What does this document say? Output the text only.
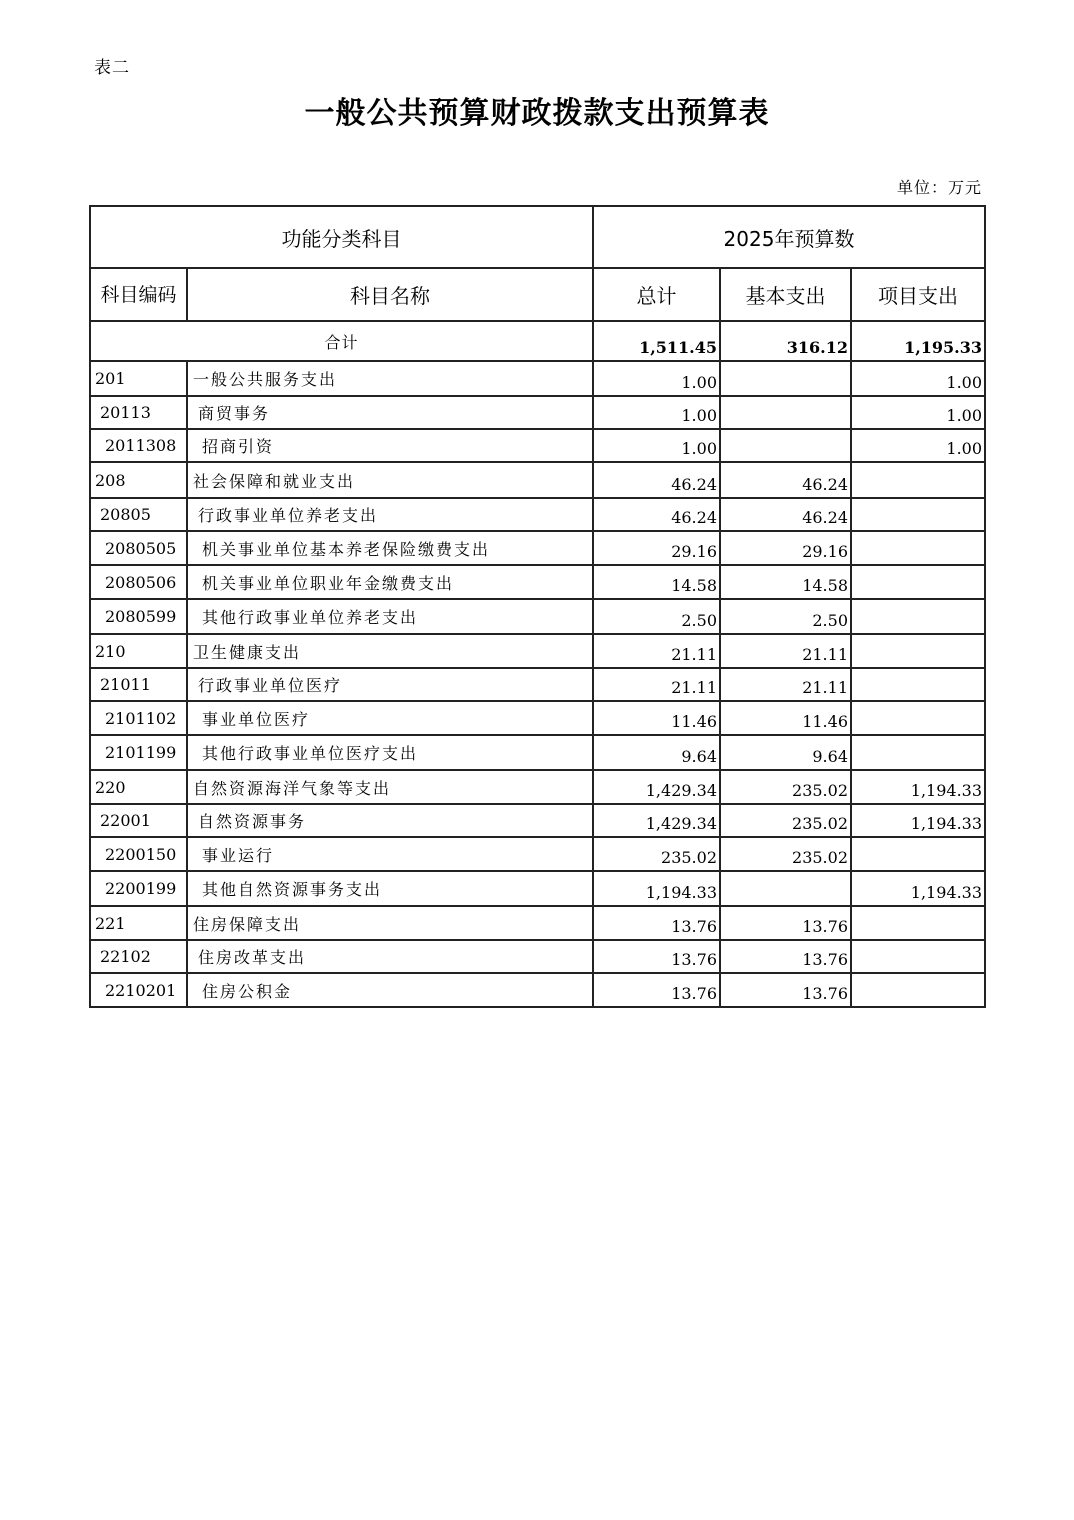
表二
一般公共预算财政拨款支出预算表
单位：万元
功能分类科目		2025年预算数		
科目编码	科目名称	总计	基本支出	项目支出
合计		1,511.45	316.12	1,195.33
201	一般公共服务支出	1.00		1.00
20113	商贸事务	1.00		1.00
2011308	招商引资	1.00		1.00
208	社会保障和就业支出	46.24	46.24	
20805	行政事业单位养老支出	46.24	46.24	
2080505	机关事业单位基本养老保险缴费支出	29.16	29.16	
2080506	机关事业单位职业年金缴费支出	14.58	14.58	
2080599	其他行政事业单位养老支出	2.50	2.50	
210	卫生健康支出	21.11	21.11	
21011	行政事业单位医疗	21.11	21.11	
2101102	事业单位医疗	11.46	11.46	
2101199	其他行政事业单位医疗支出	9.64	9.64	
220	自然资源海洋气象等支出	1,429.34	235.02	1,194.33
22001	自然资源事务	1,429.34	235.02	1,194.33
2200150	事业运行	235.02	235.02	
2200199	其他自然资源事务支出	1,194.33		1,194.33
221	住房保障支出	13.76	13.76	
22102	住房改革支出	13.76	13.76	
2210201	住房公积金	13.76	13.76	
